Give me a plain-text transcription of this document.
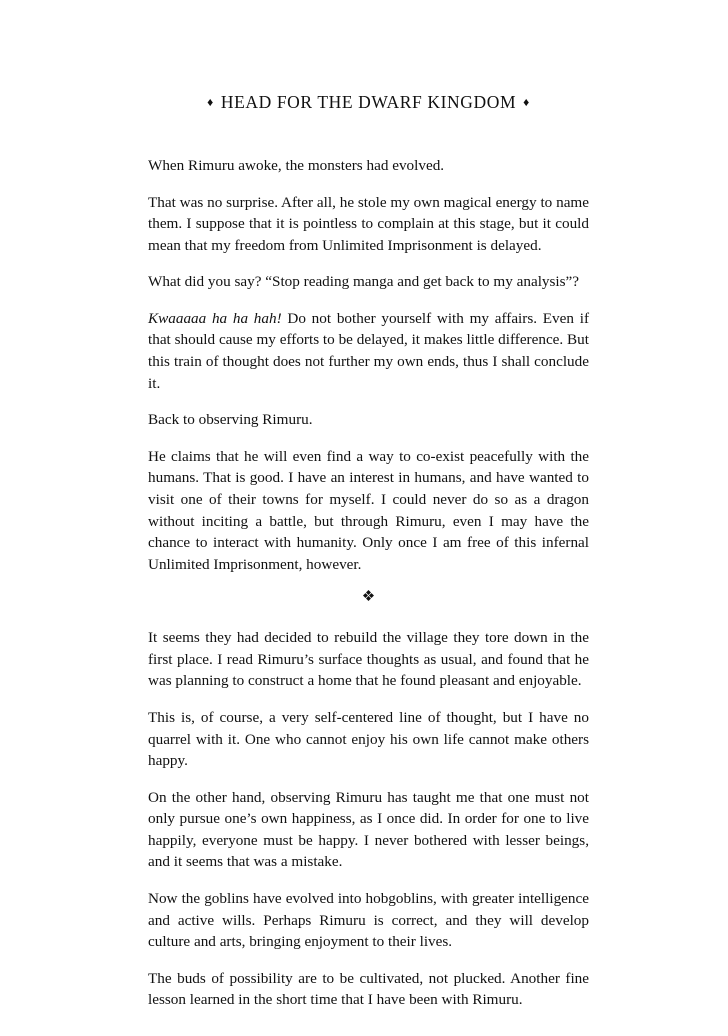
♦ HEAD FOR THE DWARF KINGDOM ♦

When Rimuru awoke, the monsters had evolved.

That was no surprise. After all, he stole my own magical energy to name them. I suppose that it is pointless to complain at this stage, but it could mean that my freedom from Unlimited Imprisonment is delayed.

What did you say? “Stop reading manga and get back to my analysis”?

Kwaaaaa ha ha hah! Do not bother yourself with my affairs. Even if that should cause my efforts to be delayed, it makes little difference. But this train of thought does not further my own ends, thus I shall conclude it.

Back to observing Rimuru.

He claims that he will even find a way to co-exist peacefully with the humans. That is good. I have an interest in humans, and have wanted to visit one of their towns for myself. I could never do so as a dragon without inciting a battle, but through Rimuru, even I may have the chance to interact with humanity. Only once I am free of this infernal Unlimited Imprisonment, however.

❖

It seems they had decided to rebuild the village they tore down in the first place. I read Rimuru’s surface thoughts as usual, and found that he was planning to construct a home that he found pleasant and enjoyable.

This is, of course, a very self-centered line of thought, but I have no quarrel with it. One who cannot enjoy his own life cannot make others happy.

On the other hand, observing Rimuru has taught me that one must not only pursue one’s own happiness, as I once did. In order for one to live happily, everyone must be happy. I never bothered with lesser beings, and it seems that was a mistake.

Now the goblins have evolved into hobgoblins, with greater intelligence and active wills. Perhaps Rimuru is correct, and they will develop culture and arts, bringing enjoyment to their lives.

The buds of possibility are to be cultivated, not plucked. Another fine lesson learned in the short time that I have been with Rimuru.
